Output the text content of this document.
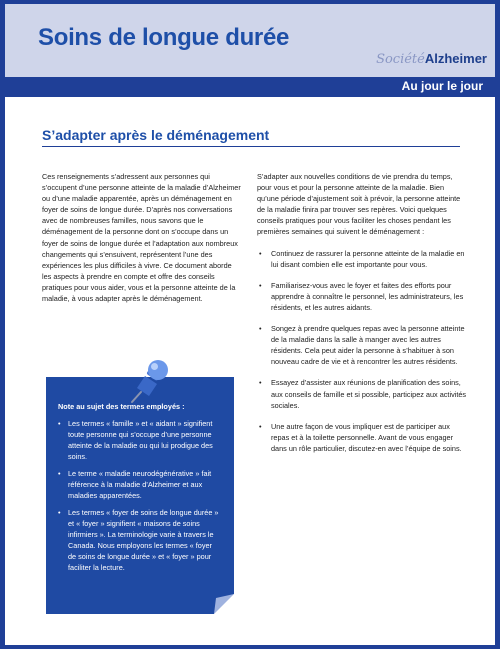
Soins de longue durée
SociétéAlzheimer
Au jour le jour
S’adapter après le déménagement

Ces renseignements s’adressent aux personnes qui s’occupent d’une personne atteinte de la maladie d’Alzheimer ou d’une maladie apparentée, après un déménagement en foyer de soins de longue durée. D’après nos conversations avec de nombreuses familles, nous savons que le déménagement de la personne dont on s’occupe dans un foyer de soins de longue durée et l’adaptation aux nombreux changements qui s’ensuivent, représentent l’une des expériences les plus difficiles à vivre. Ce document aborde les aspects à prendre en compte et offre des conseils pratiques pour vous aider, vous et la personne atteinte de la maladie, à vous adapter après le déménagement.

S’adapter aux nouvelles conditions de vie prendra du temps, pour vous et pour la personne atteinte de la maladie. Bien qu’une période d’ajustement soit à prévoir, la personne atteinte de la maladie finira par trouver ses repères. Voici quelques conseils pratiques pour vous faciliter les choses pendant les premières semaines qui suivent le déménagement :

• Continuez de rassurer la personne atteinte de la maladie en lui disant combien elle est importante pour vous.
• Familiarisez-vous avec le foyer et faites des efforts pour apprendre à connaître le personnel, les administrateurs, les résidents, et les autres aidants.
• Songez à prendre quelques repas avec la personne atteinte de la maladie dans la salle à manger avec les autres résidents. Cela peut aider la personne à s’habituer à son nouveau cadre de vie et à rencontrer les autres résidents.
• Essayez d’assister aux réunions de planification des soins, aux conseils de famille et si possible, participez aux activités sociales.
• Une autre façon de vous impliquer est de participer aux repas et à la toilette personnelle. Avant de vous engager dans un rôle particulier, discutez-en avec l’équipe de soins.
Note au sujet des termes employés :
• Les termes « famille » et « aidant » signifient toute personne qui s’occupe d’une personne atteinte de la maladie ou qui lui prodigue des soins.
• Le terme « maladie neurodégénérative » fait référence à la maladie d’Alzheimer et aux maladies apparentées.
• Les termes « foyer de soins de longue durée » et « foyer » signifient « maisons de soins infirmiers ». La terminologie varie à travers le Canada. Nous employons les termes « foyer de soins de longue durée » et « foyer » pour faciliter la lecture.
